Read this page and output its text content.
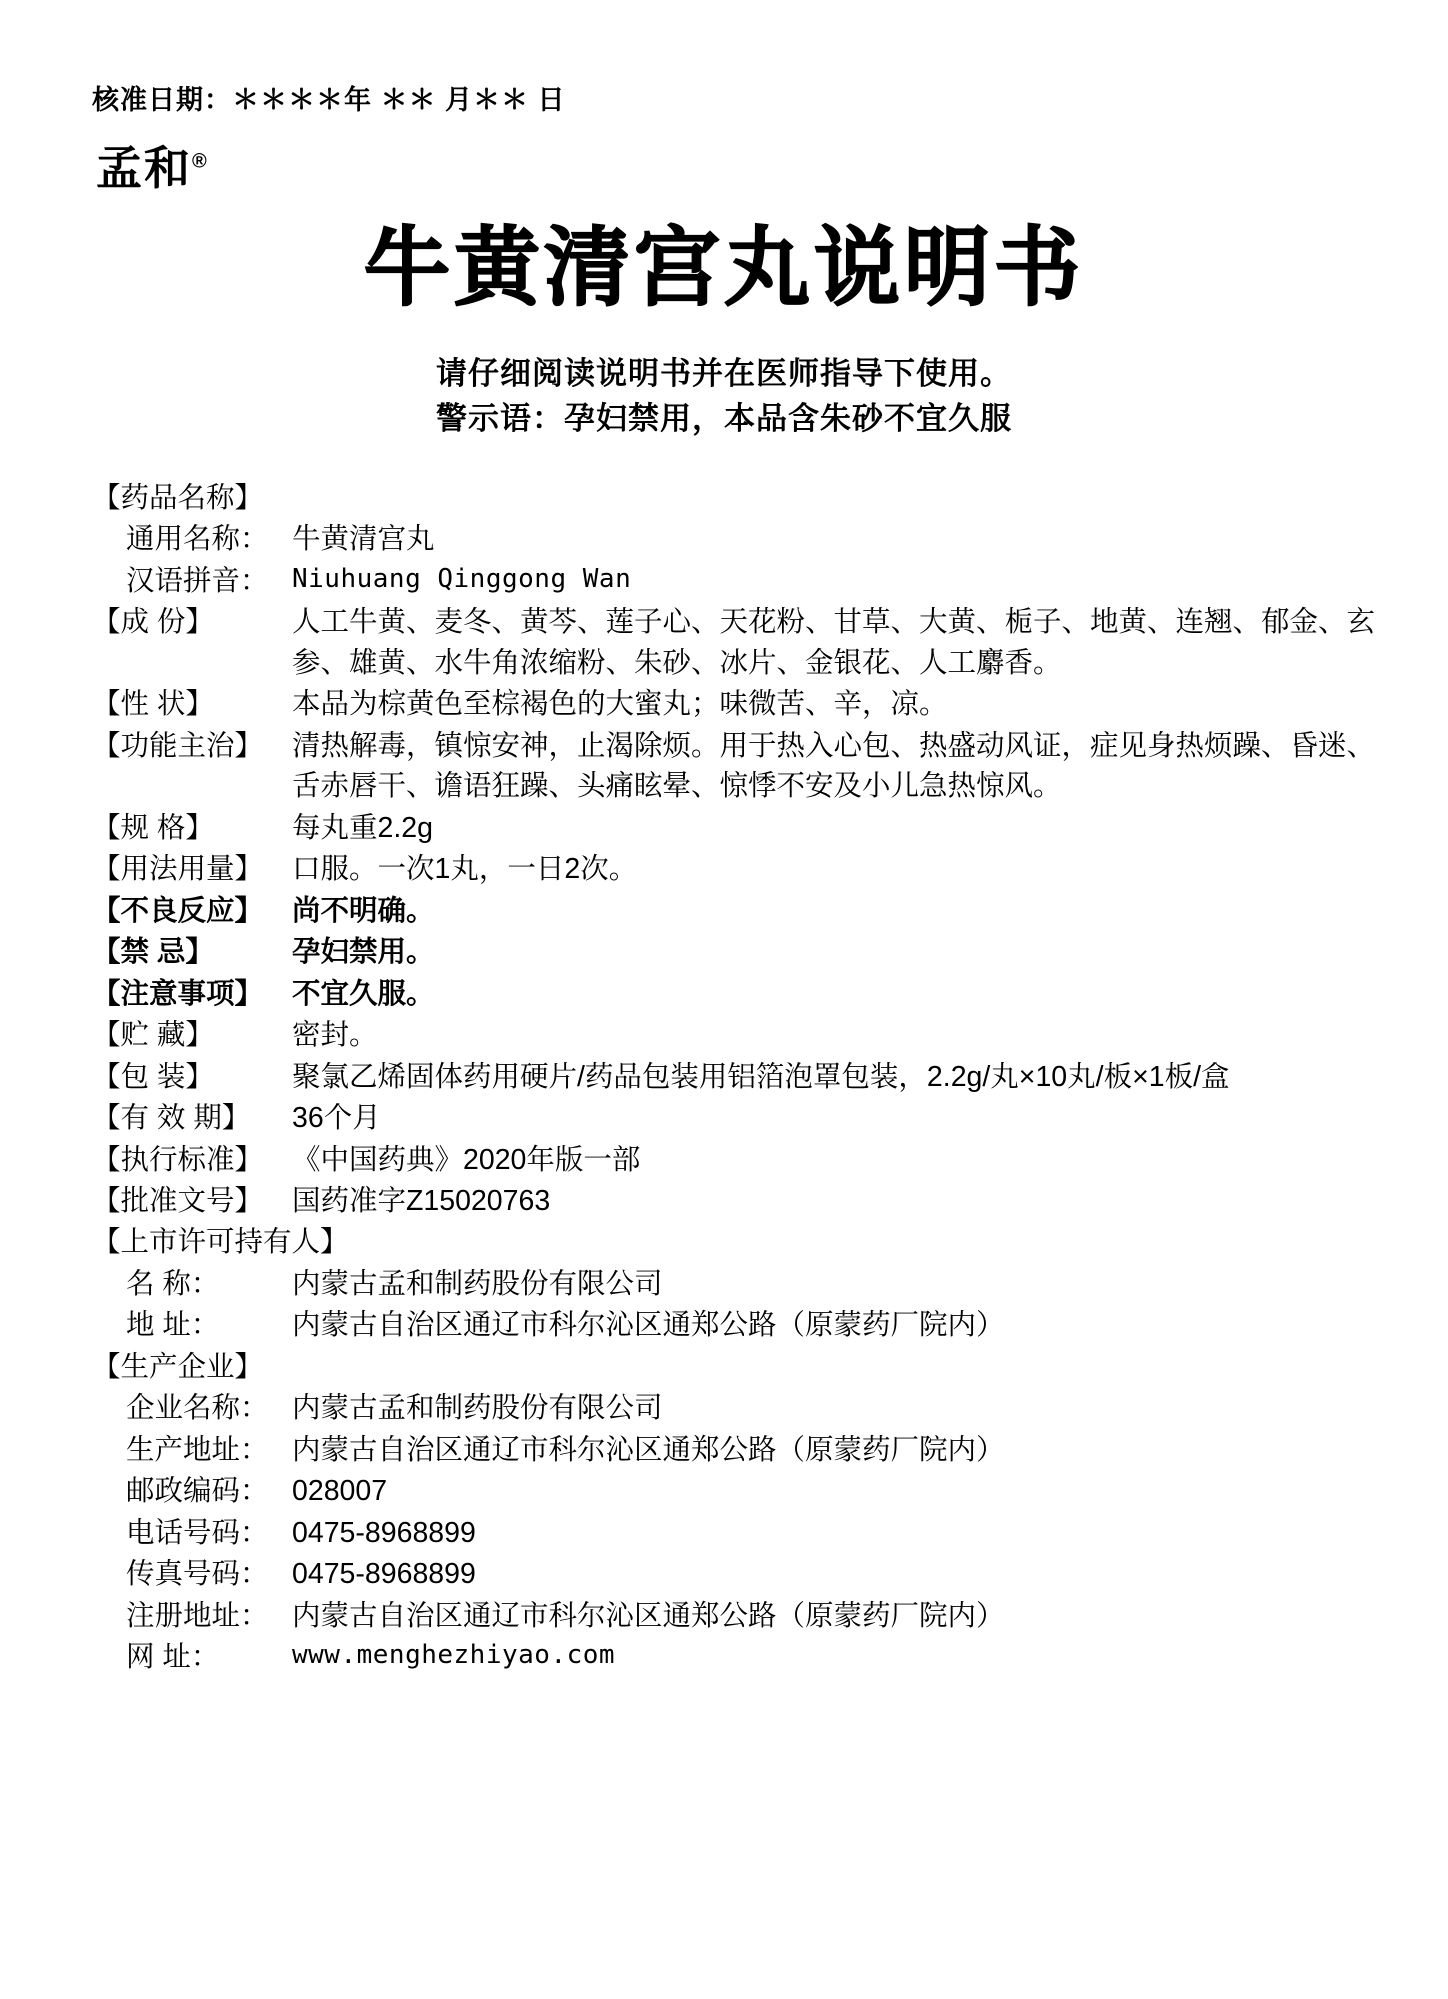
核准日期：＊＊＊＊年 ＊＊ 月＊＊ 日
孟和®
牛黄清宫丸说明书
请仔细阅读说明书并在医师指导下使用。
警示语：孕妇禁用，本品含朱砂不宜久服
【药品名称】
通用名称： 牛黄清宫丸
汉语拼音： Niuhuang Qinggong Wan
【成 份】	人工牛黄、麦冬、黄芩、莲子心、天花粉、甘草、大黄、栀子、地黄、连翘、郁金、玄参、雄黄、水牛角浓缩粉、朱砂、冰片、金银花、人工麝香。
【性 状】	本品为棕黄色至棕褐色的大蜜丸；味微苦、辛，凉。
【功能主治】	清热解毒，镇惊安神，止渴除烦。用于热入心包、热盛动风证，症见身热烦躁、昏迷、舌赤唇干、谵语狂躁、头痛眩晕、惊悸不安及小儿急热惊风。
【规 格】	每丸重2.2g
【用法用量】	口服。一次1丸，一日2次。
【不良反应】	尚不明确。
【禁 忌】	孕妇禁用。
【注意事项】	不宜久服。
【贮 藏】	密封。
【包 装】	聚氯乙烯固体药用硬片/药品包装用铝箔泡罩包装，2.2g/丸×10丸/板×1板/盒
【有 效 期】	36个月
【执行标准】	《中国药典》2020年版一部
【批准文号】	国药准字Z15020763
【上市许可持有人】
名 称：	内蒙古孟和制药股份有限公司
地 址：	内蒙古自治区通辽市科尔沁区通郑公路（原蒙药厂院内）
【生产企业】
企业名称： 内蒙古孟和制药股份有限公司
生产地址： 内蒙古自治区通辽市科尔沁区通郑公路（原蒙药厂院内）
邮政编码： 028007
电话号码： 0475-8968899
传真号码： 0475-8968899
注册地址： 内蒙古自治区通辽市科尔沁区通郑公路（原蒙药厂院内）
网 址：	www.menghezhiyao.com
